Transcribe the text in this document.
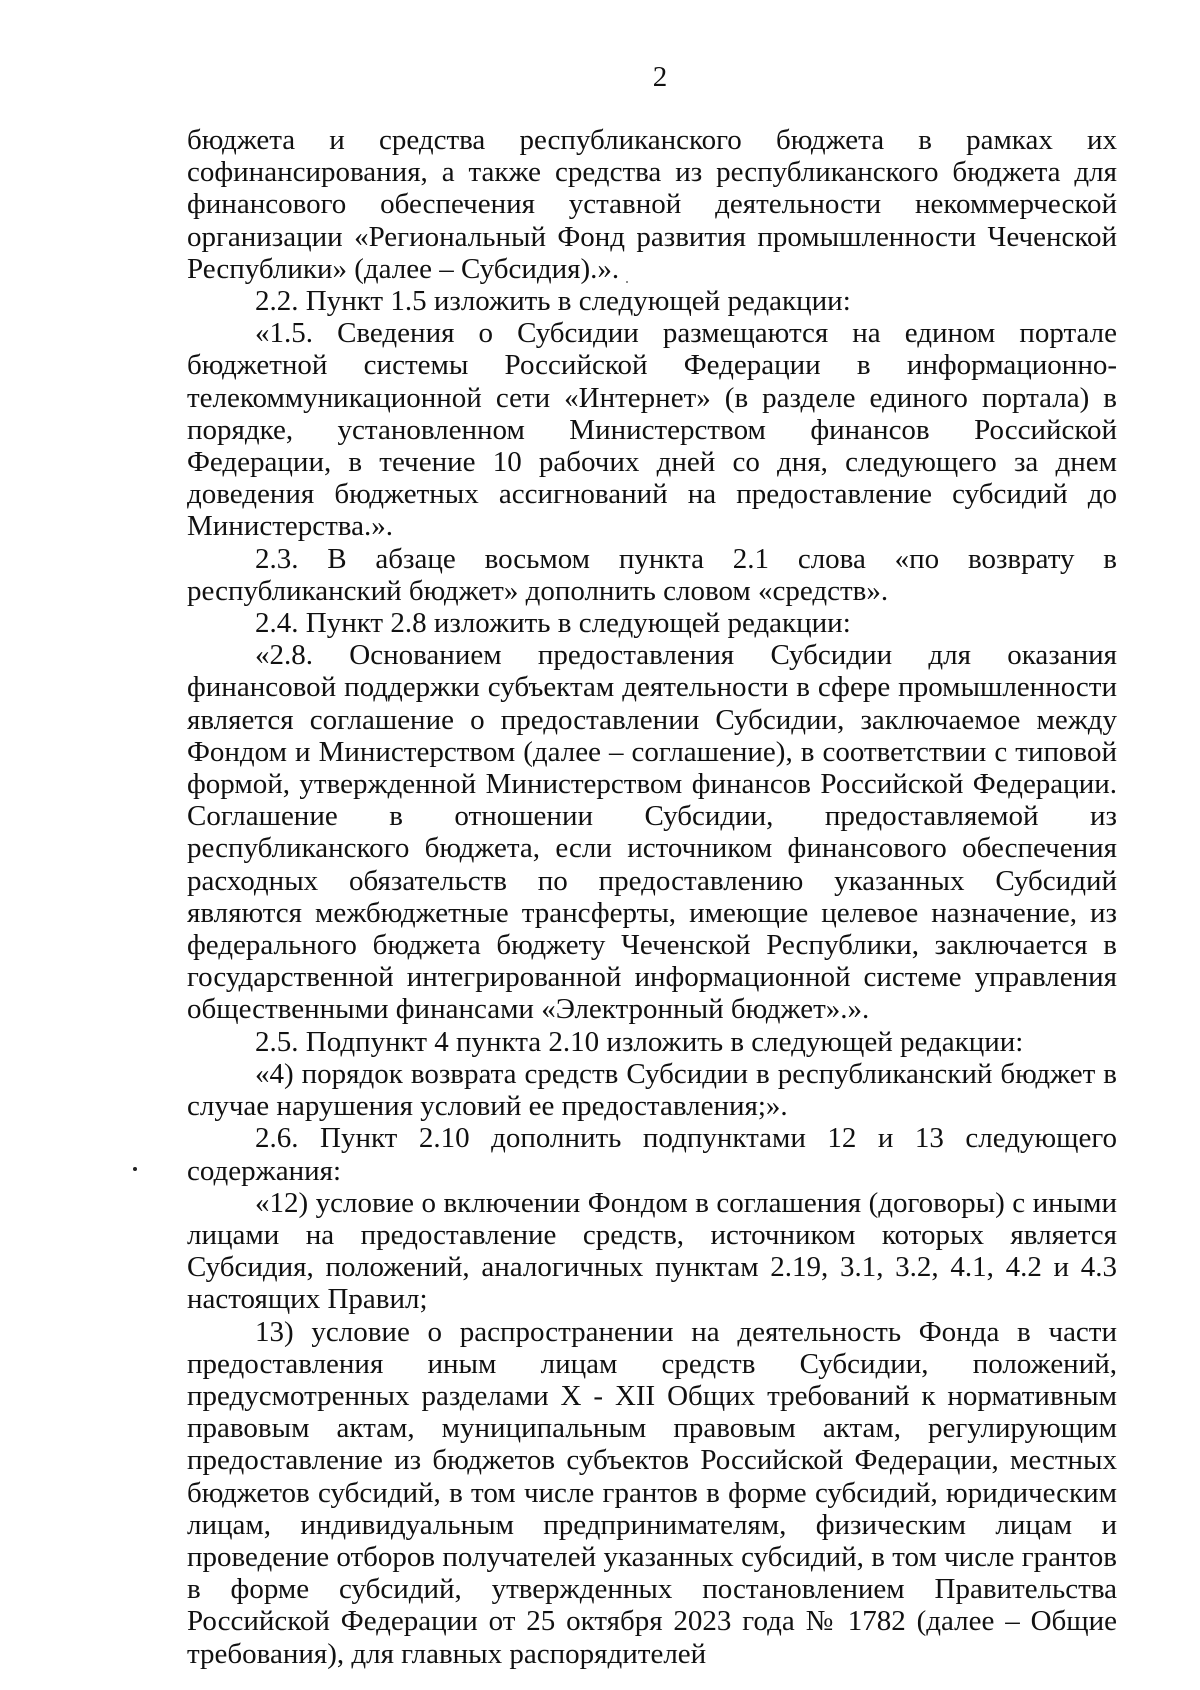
2

бюджета и средства республиканского бюджета в рамках их софинансирования, а также средства из республиканского бюджета для финансового обеспечения уставной деятельности некоммерческой организации «Региональный Фонд развития промышленности Чеченской Республики» (далее – Субсидия).».

2.2. Пункт 1.5 изложить в следующей редакции:

«1.5. Сведения о Субсидии размещаются на едином портале бюджетной системы Российской Федерации в информационно-телекоммуникационной сети «Интернет» (в разделе единого портала) в порядке, установленном Министерством финансов Российской Федерации, в течение 10 рабочих дней со дня, следующего за днем доведения бюджетных ассигнований на предоставление субсидий до Министерства.».

2.3. В абзаце восьмом пункта 2.1 слова «по возврату в республиканский бюджет» дополнить словом «средств».

2.4. Пункт 2.8 изложить в следующей редакции:

«2.8. Основанием предоставления Субсидии для оказания финансовой поддержки субъектам деятельности в сфере промышленности является соглашение о предоставлении Субсидии, заключаемое между Фондом и Министерством (далее – соглашение), в соответствии с типовой формой, утвержденной Министерством финансов Российской Федерации. Соглашение в отношении Субсидии, предоставляемой из республиканского бюджета, если источником финансового обеспечения расходных обязательств по предоставлению указанных Субсидий являются межбюджетные трансферты, имеющие целевое назначение, из федерального бюджета бюджету Чеченской Республики, заключается в государственной интегрированной информационной системе управления общественными финансами «Электронный бюджет».».

2.5. Подпункт 4 пункта 2.10 изложить в следующей редакции:

«4) порядок возврата средств Субсидии в республиканский бюджет в случае нарушения условий ее предоставления;».

2.6. Пункт 2.10 дополнить подпунктами 12 и 13 следующего содержания:

«12) условие о включении Фондом в соглашения (договоры) с иными лицами на предоставление средств, источником которых является Субсидия, положений, аналогичных пунктам 2.19, 3.1, 3.2, 4.1, 4.2 и 4.3 настоящих Правил;

13) условие о распространении на деятельность Фонда в части предоставления иным лицам средств Субсидии, положений, предусмотренных разделами X - XII Общих требований к нормативным правовым актам, муниципальным правовым актам, регулирующим предоставление из бюджетов субъектов Российской Федерации, местных бюджетов субсидий, в том числе грантов в форме субсидий, юридическим лицам, индивидуальным предпринимателям, физическим лицам и проведение отборов получателей указанных субсидий, в том числе грантов в форме субсидий, утвержденных постановлением Правительства Российской Федерации от 25 октября 2023 года № 1782 (далее – Общие требования), для главных распорядителей
